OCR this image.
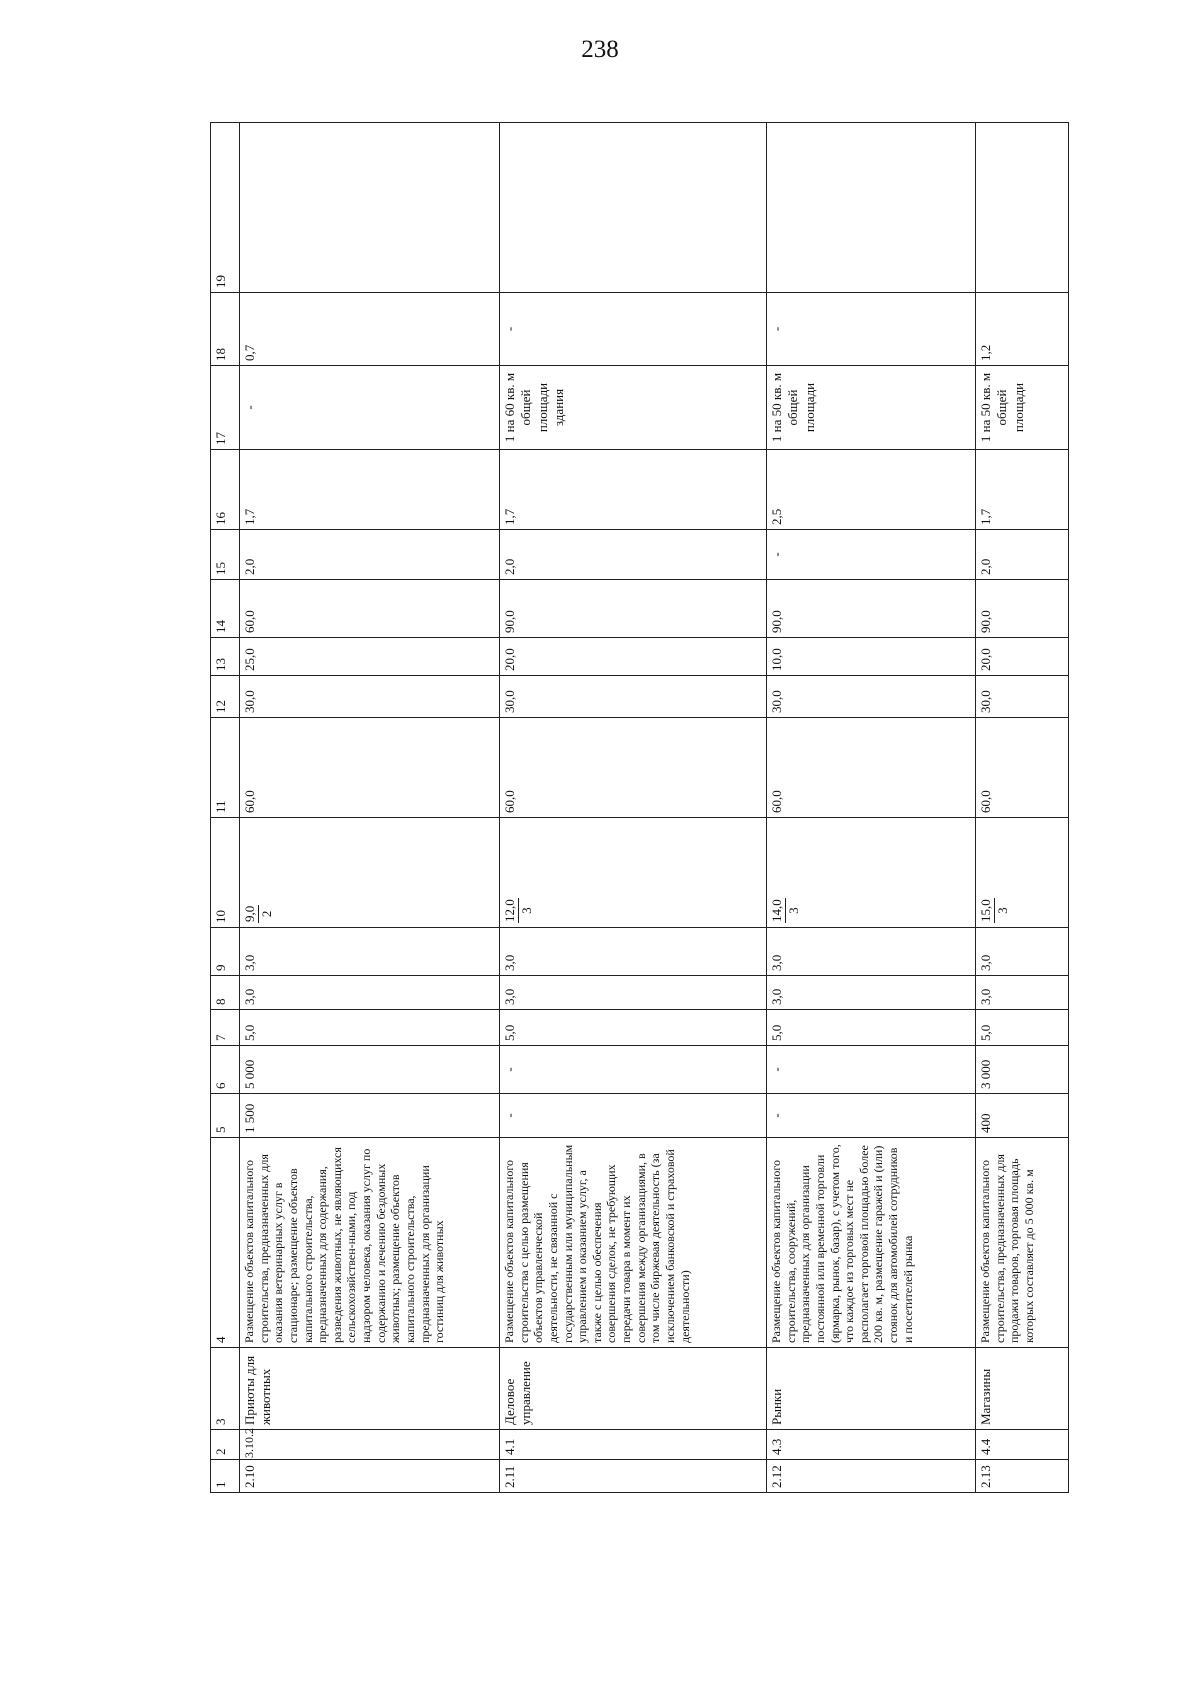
238
1	2	3	4	5	6	7	8	9	10	11	12	13	14	15	16	17	18	19
2.10	3.10.2	Приюты для животных	Размещение объектов капитального строительства, предназначенных для оказания ветеринарных услуг в стационаре; размещение объектов капитального строительства, предназначенных для содержания, разведения животных, не являющихся сельскохозяйствен-ными, под надзором человека, оказания услуг по содержанию и лечению бездомных животных; размещение объектов капитального строительства, предназначенных для организации гостиниц для животных	1 500	5 000	5,0	3,0	3,0	9,0 2	60,0	30,0	25,0	60,0	2,0	1,7	-	0,7	
2.11	4.1	Деловое управление	Размещение объектов капитального строительства с целью размещения объектов управленческой деятельности, не связанной с государственным или муниципальным управлением и оказанием услуг, а также с целью обеспечения совершения сделок, не требующих передачи товара в момент их совершения между организациями, в том числе биржевая деятельность (за исключением банковской и страховой деятельности)	-	-	5,0	3,0	3,0	12,0 3	60,0	30,0	20,0	90,0	2,0	1,7	1 на 60 кв. м общей площади здания	-	
2.12	4.3	Рынки	Размещение объектов капитального строительства, сооружений, предназначенных для организации постоянной или временной торговли (ярмарка, рынок, базар), с учетом того, что каждое из торговых мест не располагает торговой площадью более 200 кв. м, размещение гаражей и (или) стоянок для автомобилей сотрудников и посетителей рынка	-	-	5,0	3,0	3,0	14,0 3	60,0	30,0	10,0	90,0	-	2,5	1 на 50 кв. м общей площади	-	
2.13	4.4	Магазины	Размещение объектов капитального строительства, предназначенных для продажи товаров, торговая площадь которых составляет до 5 000 кв. м	400	3 000	5,0	3,0	3,0	15,0 3	60,0	30,0	20,0	90,0	2,0	1,7	1 на 50 кв. м общей площади	1,2	
